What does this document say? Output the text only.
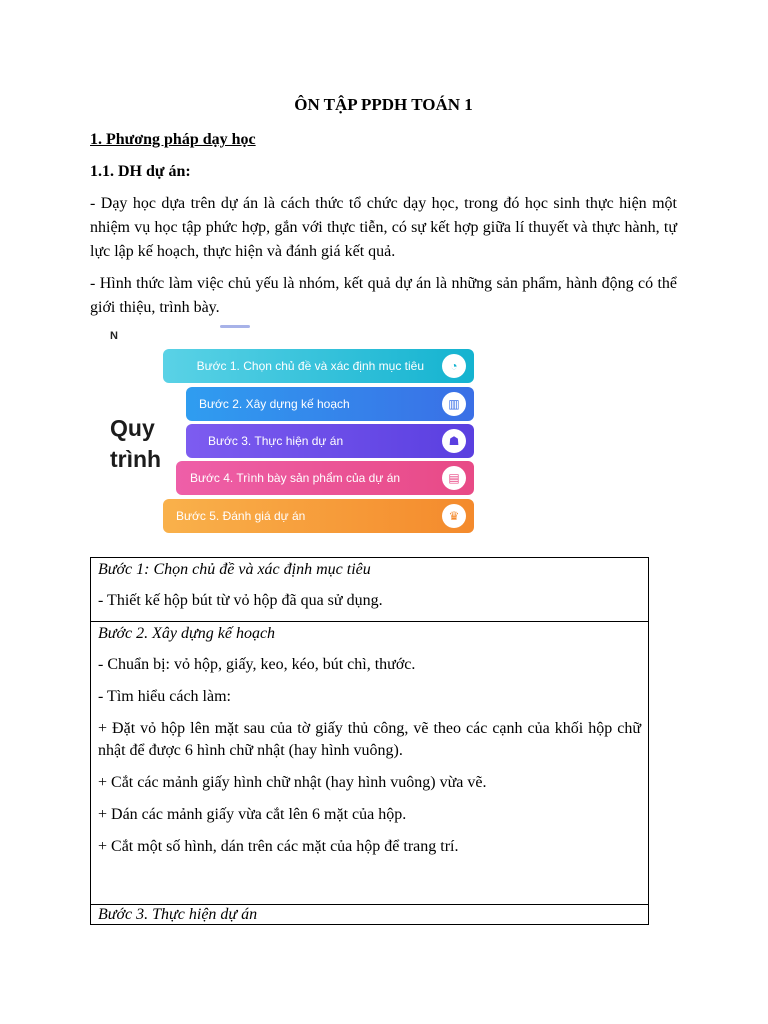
ÔN TẬP PPDH TOÁN 1
1. Phương pháp dạy học
1.1. DH dự án:
- Dạy học dựa trên dự án là cách thức tổ chức dạy học, trong đó học sinh thực hiện một nhiệm vụ học tập phức hợp, gắn với thực tiễn, có sự kết hợp giữa lí thuyết và thực hành, tự lực lập kế hoạch, thực hiện và đánh giá kết quả.
- Hình thức làm việc chủ yếu là nhóm, kết quả dự án là những sản phẩm, hành động có thể giới thiệu, trình bày.
N
Quy
trình
Bước 1. Chọn chủ đề và xác định mục tiêu	◔
Bước 2. Xây dựng kế hoạch	▥
Bước 3. Thực hiện dự án	☗
Bước 4. Trình bày sản phẩm của dự án	▤
Bước 5. Đánh giá dự án	♛

Bước 1: Chọn chủ đề và xác định mục tiêu

- Thiết kế hộp bút từ vỏ hộp đã qua sử dụng.

Bước 2. Xây dựng kế hoạch

- Chuẩn bị: vỏ hộp, giấy, keo, kéo, bút chì, thước.

- Tìm hiểu cách làm:

+ Đặt vỏ hộp lên mặt sau của tờ giấy thủ công, vẽ theo các cạnh của khối hộp chữ nhật để được 6 hình chữ nhật (hay hình vuông).

+ Cắt các mảnh giấy hình chữ nhật (hay hình vuông) vừa vẽ.

+ Dán các mảnh giấy vừa cắt lên 6 mặt của hộp.

+ Cắt một số hình, dán trên các mặt của hộp để trang trí.

Bước 3. Thực hiện dự án
